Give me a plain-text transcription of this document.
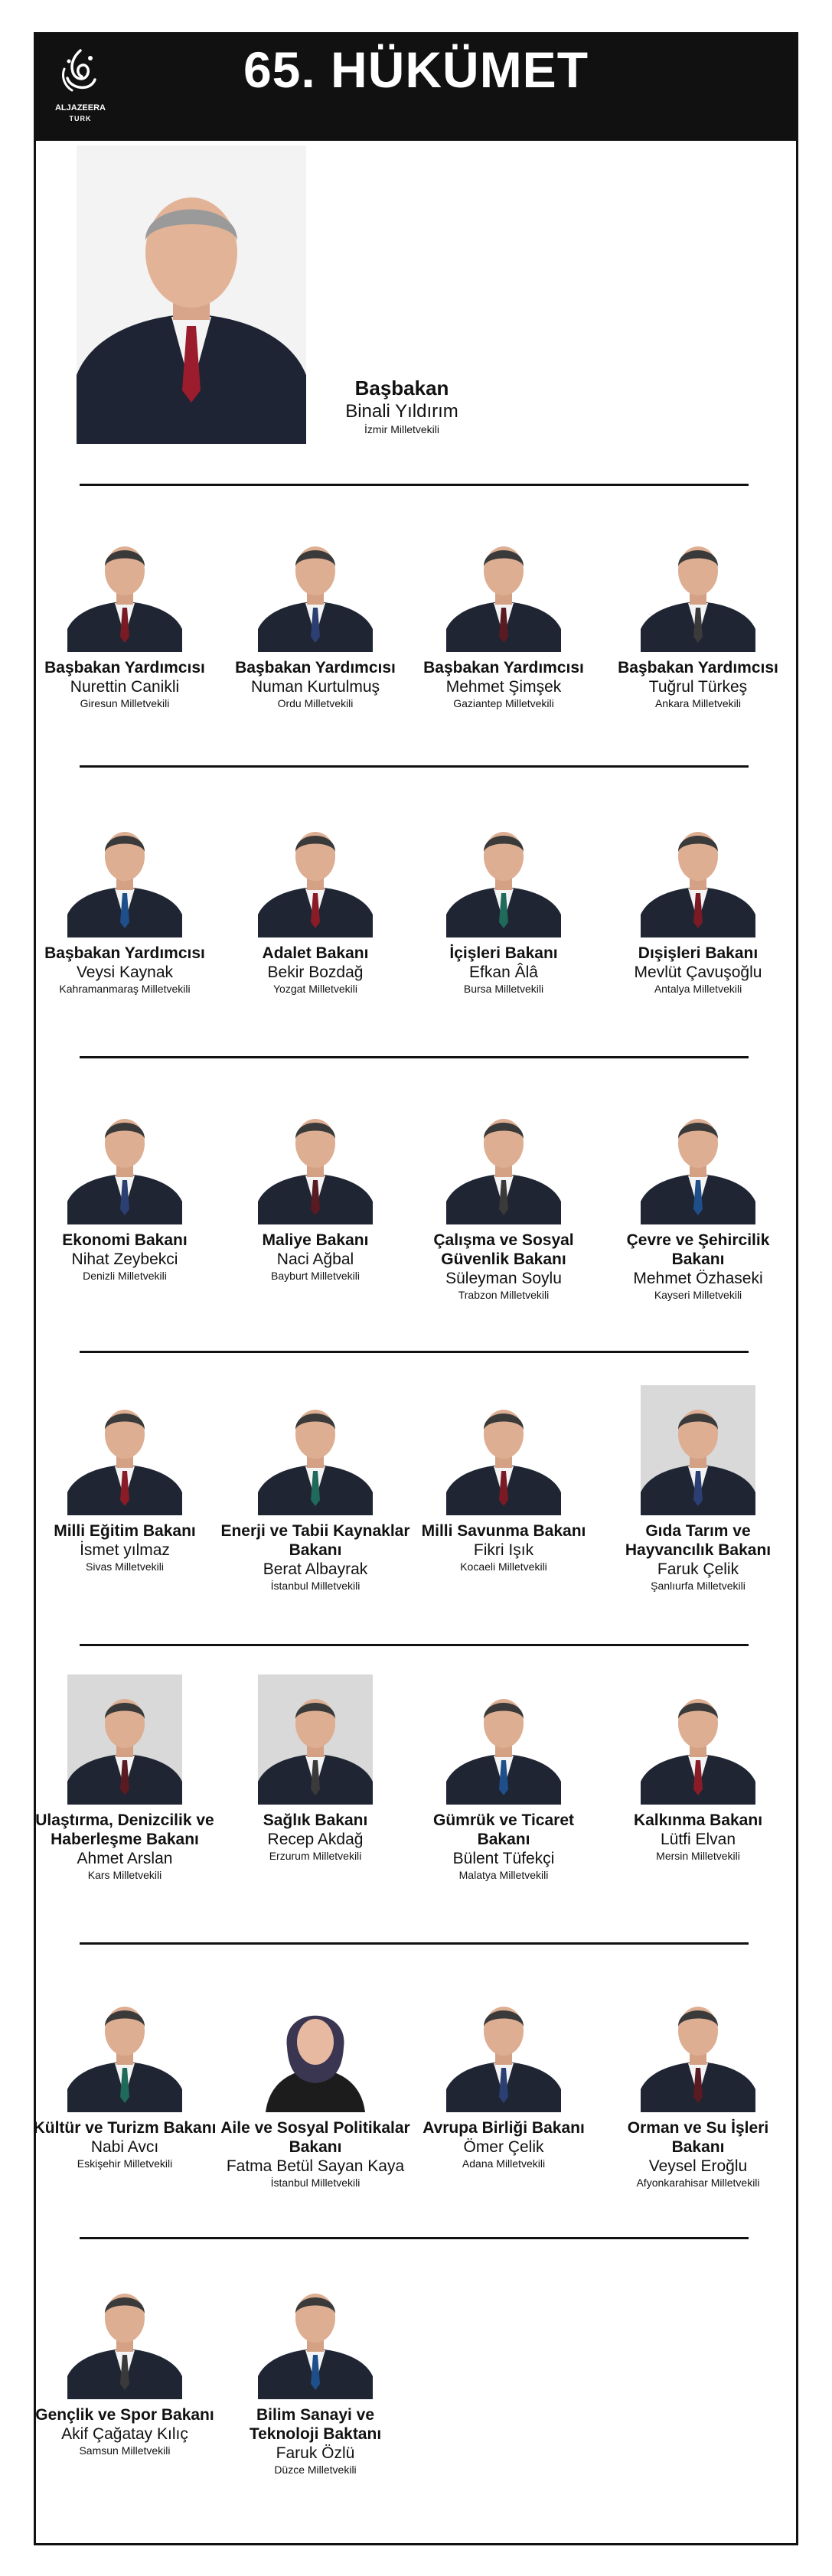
ALJAZEERA
TURK
65. HÜKÜMET
Başbakan
Binali Yıldırım
İzmir Milletvekili
Başbakan Yardımcısı
Nurettin Canikli
Giresun Milletvekili
Başbakan Yardımcısı
Numan Kurtulmuş
Ordu Milletvekili
Başbakan Yardımcısı
Mehmet Şimşek
Gaziantep Milletvekili
Başbakan Yardımcısı
Tuğrul Türkeş
Ankara Milletvekili
Başbakan Yardımcısı
Veysi Kaynak
Kahramanmaraş Milletvekili
Adalet Bakanı
Bekir Bozdağ
Yozgat Milletvekili
İçişleri Bakanı
Efkan Âlâ
Bursa Milletvekili
Dışişleri Bakanı
Mevlüt Çavuşoğlu
Antalya Milletvekili
Ekonomi Bakanı
Nihat Zeybekci
Denizli Milletvekili
Maliye Bakanı
Naci Ağbal
Bayburt Milletvekili
Çalışma ve Sosyal Güvenlik Bakanı
Süleyman Soylu
Trabzon Milletvekili
Çevre ve Şehircilik Bakanı
Mehmet Özhaseki
Kayseri Milletvekili
Milli Eğitim Bakanı
İsmet yılmaz
Sivas Milletvekili
Enerji ve Tabii Kaynaklar Bakanı
Berat Albayrak
İstanbul Milletvekili
Milli Savunma Bakanı
Fikri Işık
Kocaeli Milletvekili
Gıda Tarım ve Hayvancılık Bakanı
Faruk Çelik
Şanlıurfa Milletvekili
Ulaştırma, Denizcilik ve Haberleşme Bakanı
Ahmet Arslan
Kars Milletvekili
Sağlık Bakanı
Recep Akdağ
Erzurum Milletvekili
Gümrük ve Ticaret Bakanı
Bülent Tüfekçi
Malatya Milletvekili
Kalkınma Bakanı
Lütfi Elvan
Mersin Milletvekili
Kültür ve Turizm Bakanı
Nabi Avcı
Eskişehir Milletvekili
Aile ve Sosyal Politikalar Bakanı
Fatma Betül Sayan Kaya
İstanbul Milletvekili
Avrupa Birliği Bakanı
Ömer Çelik
Adana Milletvekili
Orman ve Su İşleri Bakanı
Veysel Eroğlu
Afyonkarahisar Milletvekili
Gençlik ve Spor Bakanı
Akif Çağatay Kılıç
Samsun Milletvekili
Bilim Sanayi ve Teknoloji Baktanı
Faruk Özlü
Düzce Milletvekili
